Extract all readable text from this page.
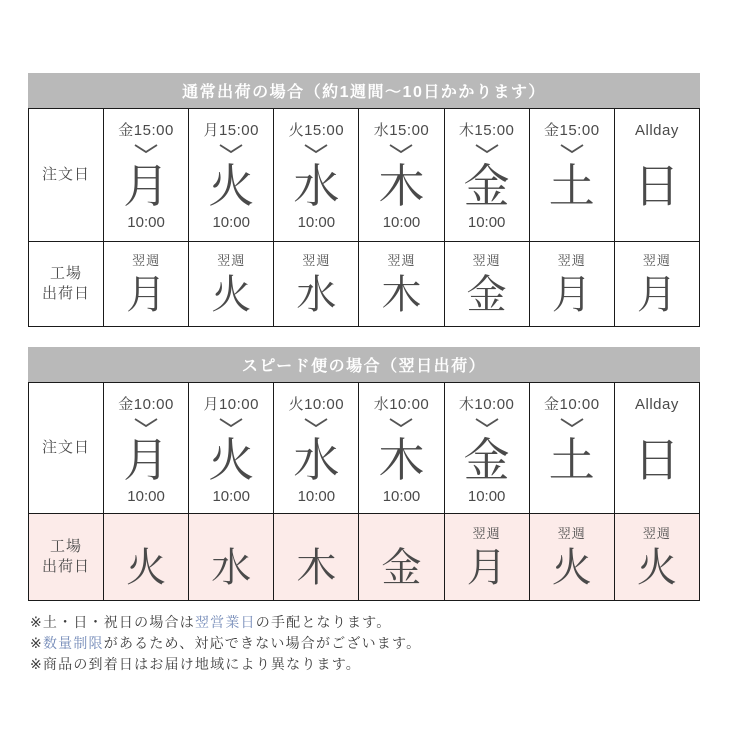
通常出荷の場合（約1週間～10日かかります）
注文日
金15:00
月
10:00
月15:00
火
10:00
火15:00
水
10:00
水15:00
木
10:00
木15:00
金
10:00
金15:00
土
Allday
日
工場
出荷日
翌週
月
翌週
火
翌週
水
翌週
木
翌週
金
翌週
月
翌週
月
スピード便の場合（翌日出荷）
注文日
金10:00
月
10:00
月10:00
火
10:00
火10:00
水
10:00
水10:00
木
10:00
木10:00
金
10:00
金10:00
土
Allday
日
工場
出荷日 火 水 木 金
翌週
月
翌週
火
翌週
火
※土・日・祝日の場合は翌営業日の手配となります。
※数量制限があるため、対応できない場合がございます。
※商品の到着日はお届け地域により異なります。
